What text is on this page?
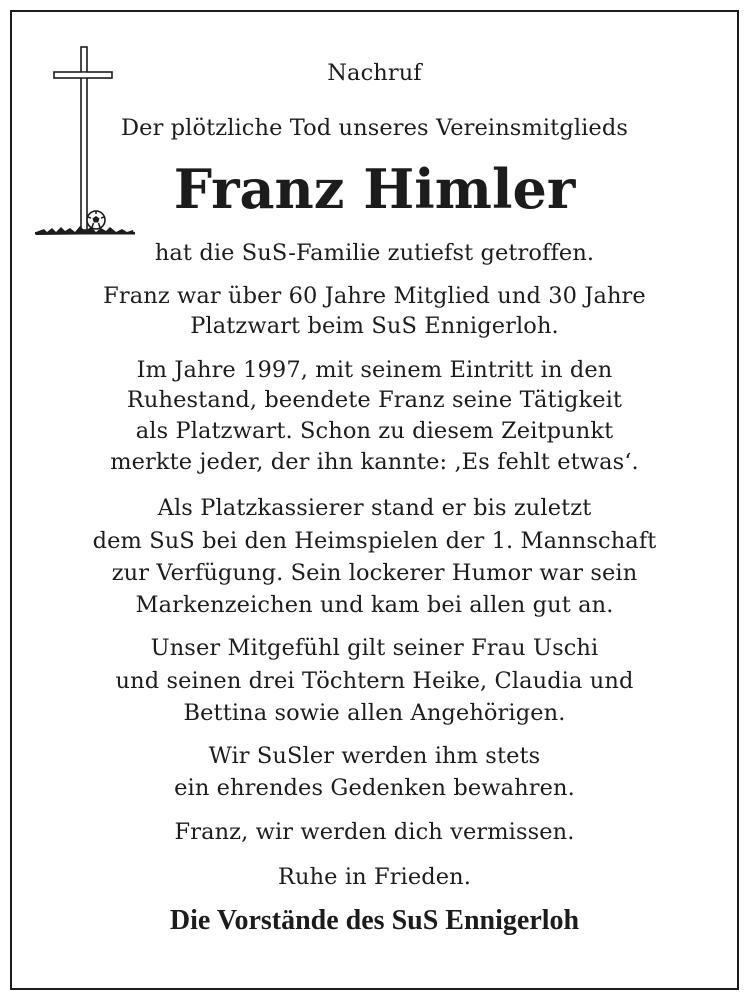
Nachruf
Der plötzliche Tod unseres Vereinsmitglieds
Franz Himler
hat die SuS-Familie zutiefst getroffen.
Franz war über 60 Jahre Mitglied und 30 Jahre
Platzwart beim SuS Ennigerloh.
Im Jahre 1997, mit seinem Eintritt in den
Ruhestand, beendete Franz seine Tätigkeit
als Platzwart. Schon zu diesem Zeitpunkt
merkte jeder, der ihn kannte: ‚Es fehlt etwas‘.
Als Platzkassierer stand er bis zuletzt
dem SuS bei den Heimspielen der 1. Mannschaft
zur Verfügung. Sein lockerer Humor war sein
Markenzeichen und kam bei allen gut an.
Unser Mitgefühl gilt seiner Frau Uschi
und seinen drei Töchtern Heike, Claudia und
Bettina sowie allen Angehörigen.
Wir SuSler werden ihm stets
ein ehrendes Gedenken bewahren.
Franz, wir werden dich vermissen.
Ruhe in Frieden.
Die Vorstände des SuS Ennigerloh
